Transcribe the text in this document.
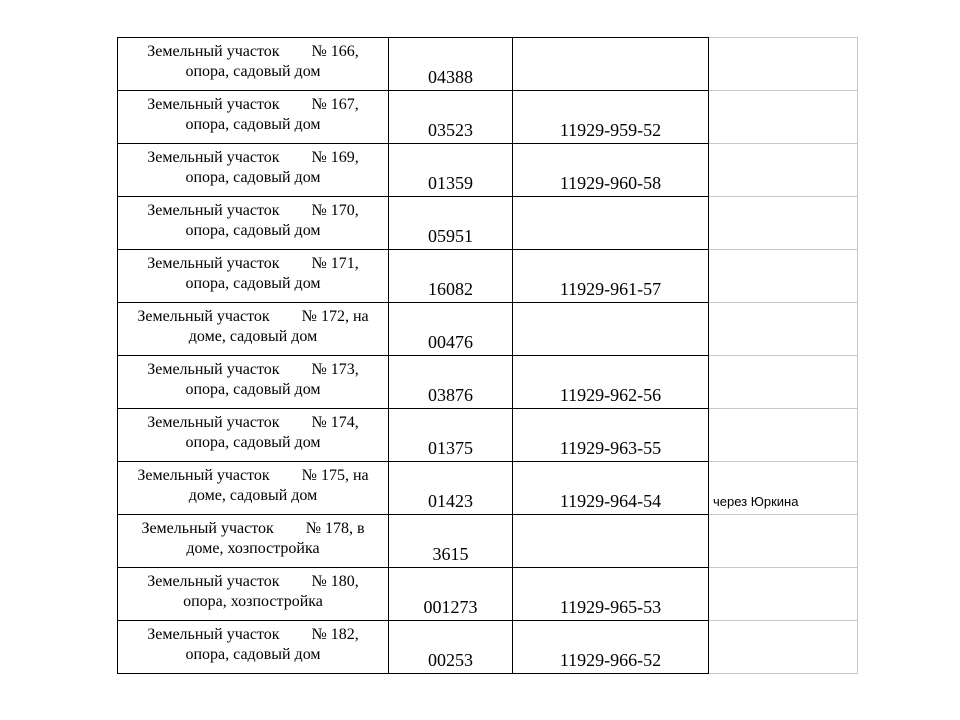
Земельный участок        № 166,
опора, садовый дом	04388		

Земельный участок        № 167,
опора, садовый дом	03523	11929-959-52	

Земельный участок        № 169,
опора, садовый дом	01359	11929-960-58	

Земельный участок        № 170,
опора, садовый дом	05951		

Земельный участок        № 171,
опора, садовый дом	16082	11929-961-57	

Земельный участок        № 172, на
доме, садовый дом	00476		

Земельный участок        № 173,
опора, садовый дом	03876	11929-962-56	

Земельный участок        № 174,
опора, садовый дом	01375	11929-963-55	

Земельный участок        № 175, на
доме, садовый дом	01423	11929-964-54	через Юркина

Земельный участок        № 178, в
доме, хозпостройка	3615		

Земельный участок        № 180,
опора, хозпостройка	001273	11929-965-53	

Земельный участок        № 182,
опора, садовый дом	00253	11929-966-52	
